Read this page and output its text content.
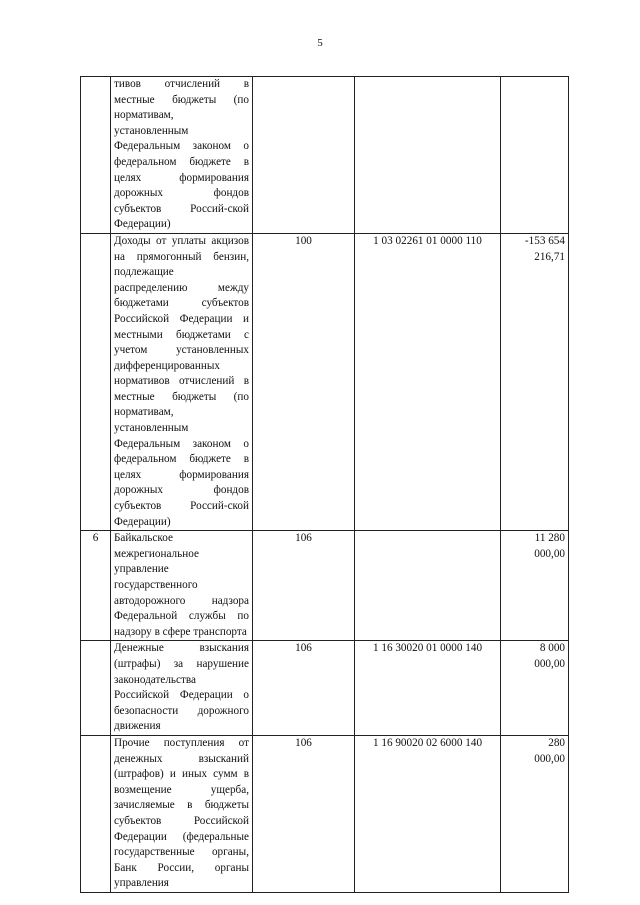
5
	тивов отчислений в местные бюджеты (по нормативам, установленным Федеральным законом о федеральном бюджете в целях формирования дорожных фондов субъектов Россий-ской Федерации)			
	Доходы от уплаты акцизов на прямогонный бензин, подлежащие распределению между бюджетами субъектов Российской Федерации и местными бюджетами с учетом установленных дифференцированных нормативов отчислений в местные бюджеты (по нормативам, установленным Федеральным законом о федеральном бюджете в целях формирования дорожных фондов субъектов Россий-ской Федерации)	100	1 03 02261 01 0000 110	-153 654
216,71
6	Байкальское межрегиональное управление государственного автодорожного надзора Федеральной службы по надзору в сфере транспорта	106		11 280
000,00
	Денежные взыскания (штрафы) за нарушение законодательства Российской Федерации о безопасности дорожного движения	106	1 16 30020 01 0000 140	8 000
000,00
	Прочие поступления от денежных взысканий (штрафов) и иных сумм в возмещение ущерба, зачисляемые в бюджеты субъектов Российской Федерации (федеральные государственные органы, Банк России, органы управления	106	1 16 90020 02 6000 140	280
000,00
